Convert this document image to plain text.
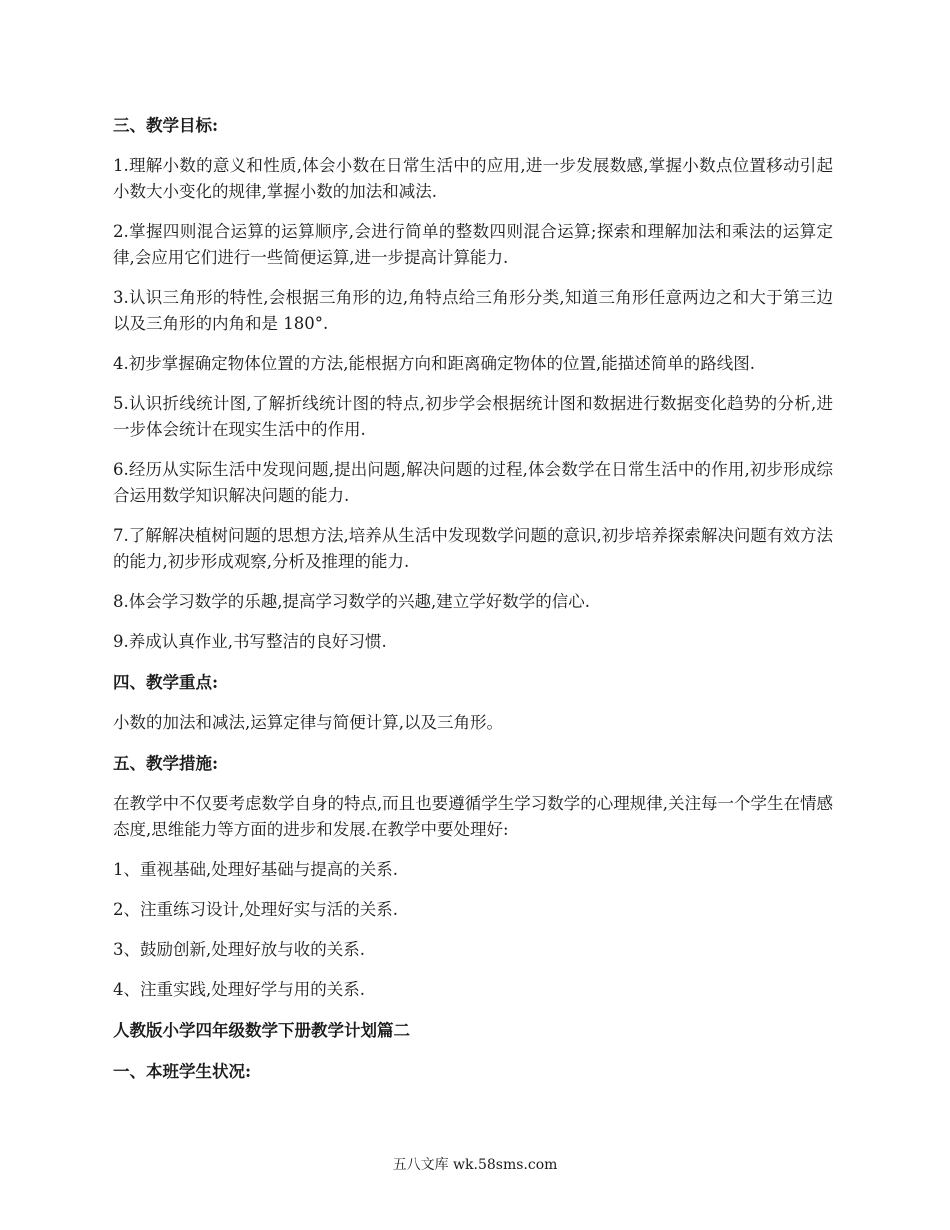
三、教学目标:

1.理解小数的意义和性质,体会小数在日常生活中的应用,进一步发展数感,掌握小数点位置移动引起小数大小变化的规律,掌握小数的加法和减法.

2.掌握四则混合运算的运算顺序,会进行简单的整数四则混合运算;探索和理解加法和乘法的运算定律,会应用它们进行一些简便运算,进一步提高计算能力.

3.认识三角形的特性,会根据三角形的边,角特点给三角形分类,知道三角形任意两边之和大于第三边以及三角形的内角和是 180°.

4.初步掌握确定物体位置的方法,能根据方向和距离确定物体的位置,能描述简单的路线图.

5.认识折线统计图,了解折线统计图的特点,初步学会根据统计图和数据进行数据变化趋势的分析,进一步体会统计在现实生活中的作用.

6.经历从实际生活中发现问题,提出问题,解决问题的过程,体会数学在日常生活中的作用,初步形成综合运用数学知识解决问题的能力.

7.了解解决植树问题的思想方法,培养从生活中发现数学问题的意识,初步培养探索解决问题有效方法的能力,初步形成观察,分析及推理的能力.

8.体会学习数学的乐趣,提高学习数学的兴趣,建立学好数学的信心.

9.养成认真作业,书写整洁的良好习惯.

四、教学重点:

小数的加法和减法,运算定律与简便计算,以及三角形。

五、教学措施:

在教学中不仅要考虑数学自身的特点,而且也要遵循学生学习数学的心理规律,关注每一个学生在情感态度,思维能力等方面的进步和发展.在教学中要处理好:

1、重视基础,处理好基础与提高的关系.

2、注重练习设计,处理好实与活的关系.

3、鼓励创新,处理好放与收的关系.

4、注重实践,处理好学与用的关系.

人教版小学四年级数学下册教学计划篇二
一、本班学生状况:
五八文库 wk.58sms.com
